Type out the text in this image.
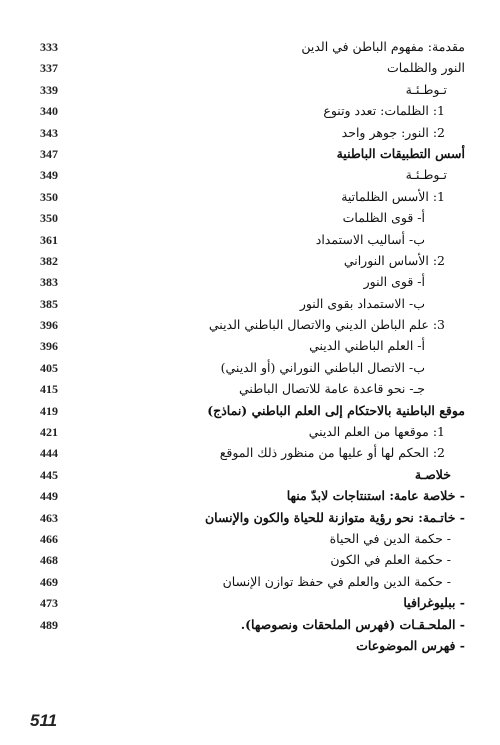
333	مقدمة: مفهوم الباطن في الدين
337	النور والظلمات
339	تـوطـئـة
340	1: الظلمات: تعدد وتنوع
343	2: النور: جوهر واحد
347	أسس التطبيقات الباطنية
349	تـوطـئـة
350	1: الأسس الظلماتية
350	أ- قوى الظلمات
361	ب- أساليب الاستمداد
382	2: الأساس النوراني
383	أ- قوى النور
385	ب- الاستمداد بقوى النور
396	3: علم الباطن الديني والاتصال الباطني الديني
396	أ- العلم الباطني الديني
405	ب- الاتصال الباطني النوراني (أو الديني)
415	جـ- نحو قاعدة عامة للاتصال الباطني
419	موقع الباطنية بالاحتكام إلى العلم الباطني (نماذج)
421	1: موقعها من العلم الديني
444	2: الحكم لها أو عليها من منظور ذلك الموقع
445	خلاصـة
449	- خلاصة عامة: استنتاجات لابدّ منها
463	- خاتـمة: نحو رؤية متوازنة للحياة والكون والإنسان
466	- حكمة الدين في الحياة
468	- حكمة العلم في الكون
469	- حكمة الدين والعلم في حفظ توازن الإنسان
473	- ببليوغرافيا
489	- الملحـقـات (فهرس الملحقات ونصوصها).
- فهرس الموضوعات
511
